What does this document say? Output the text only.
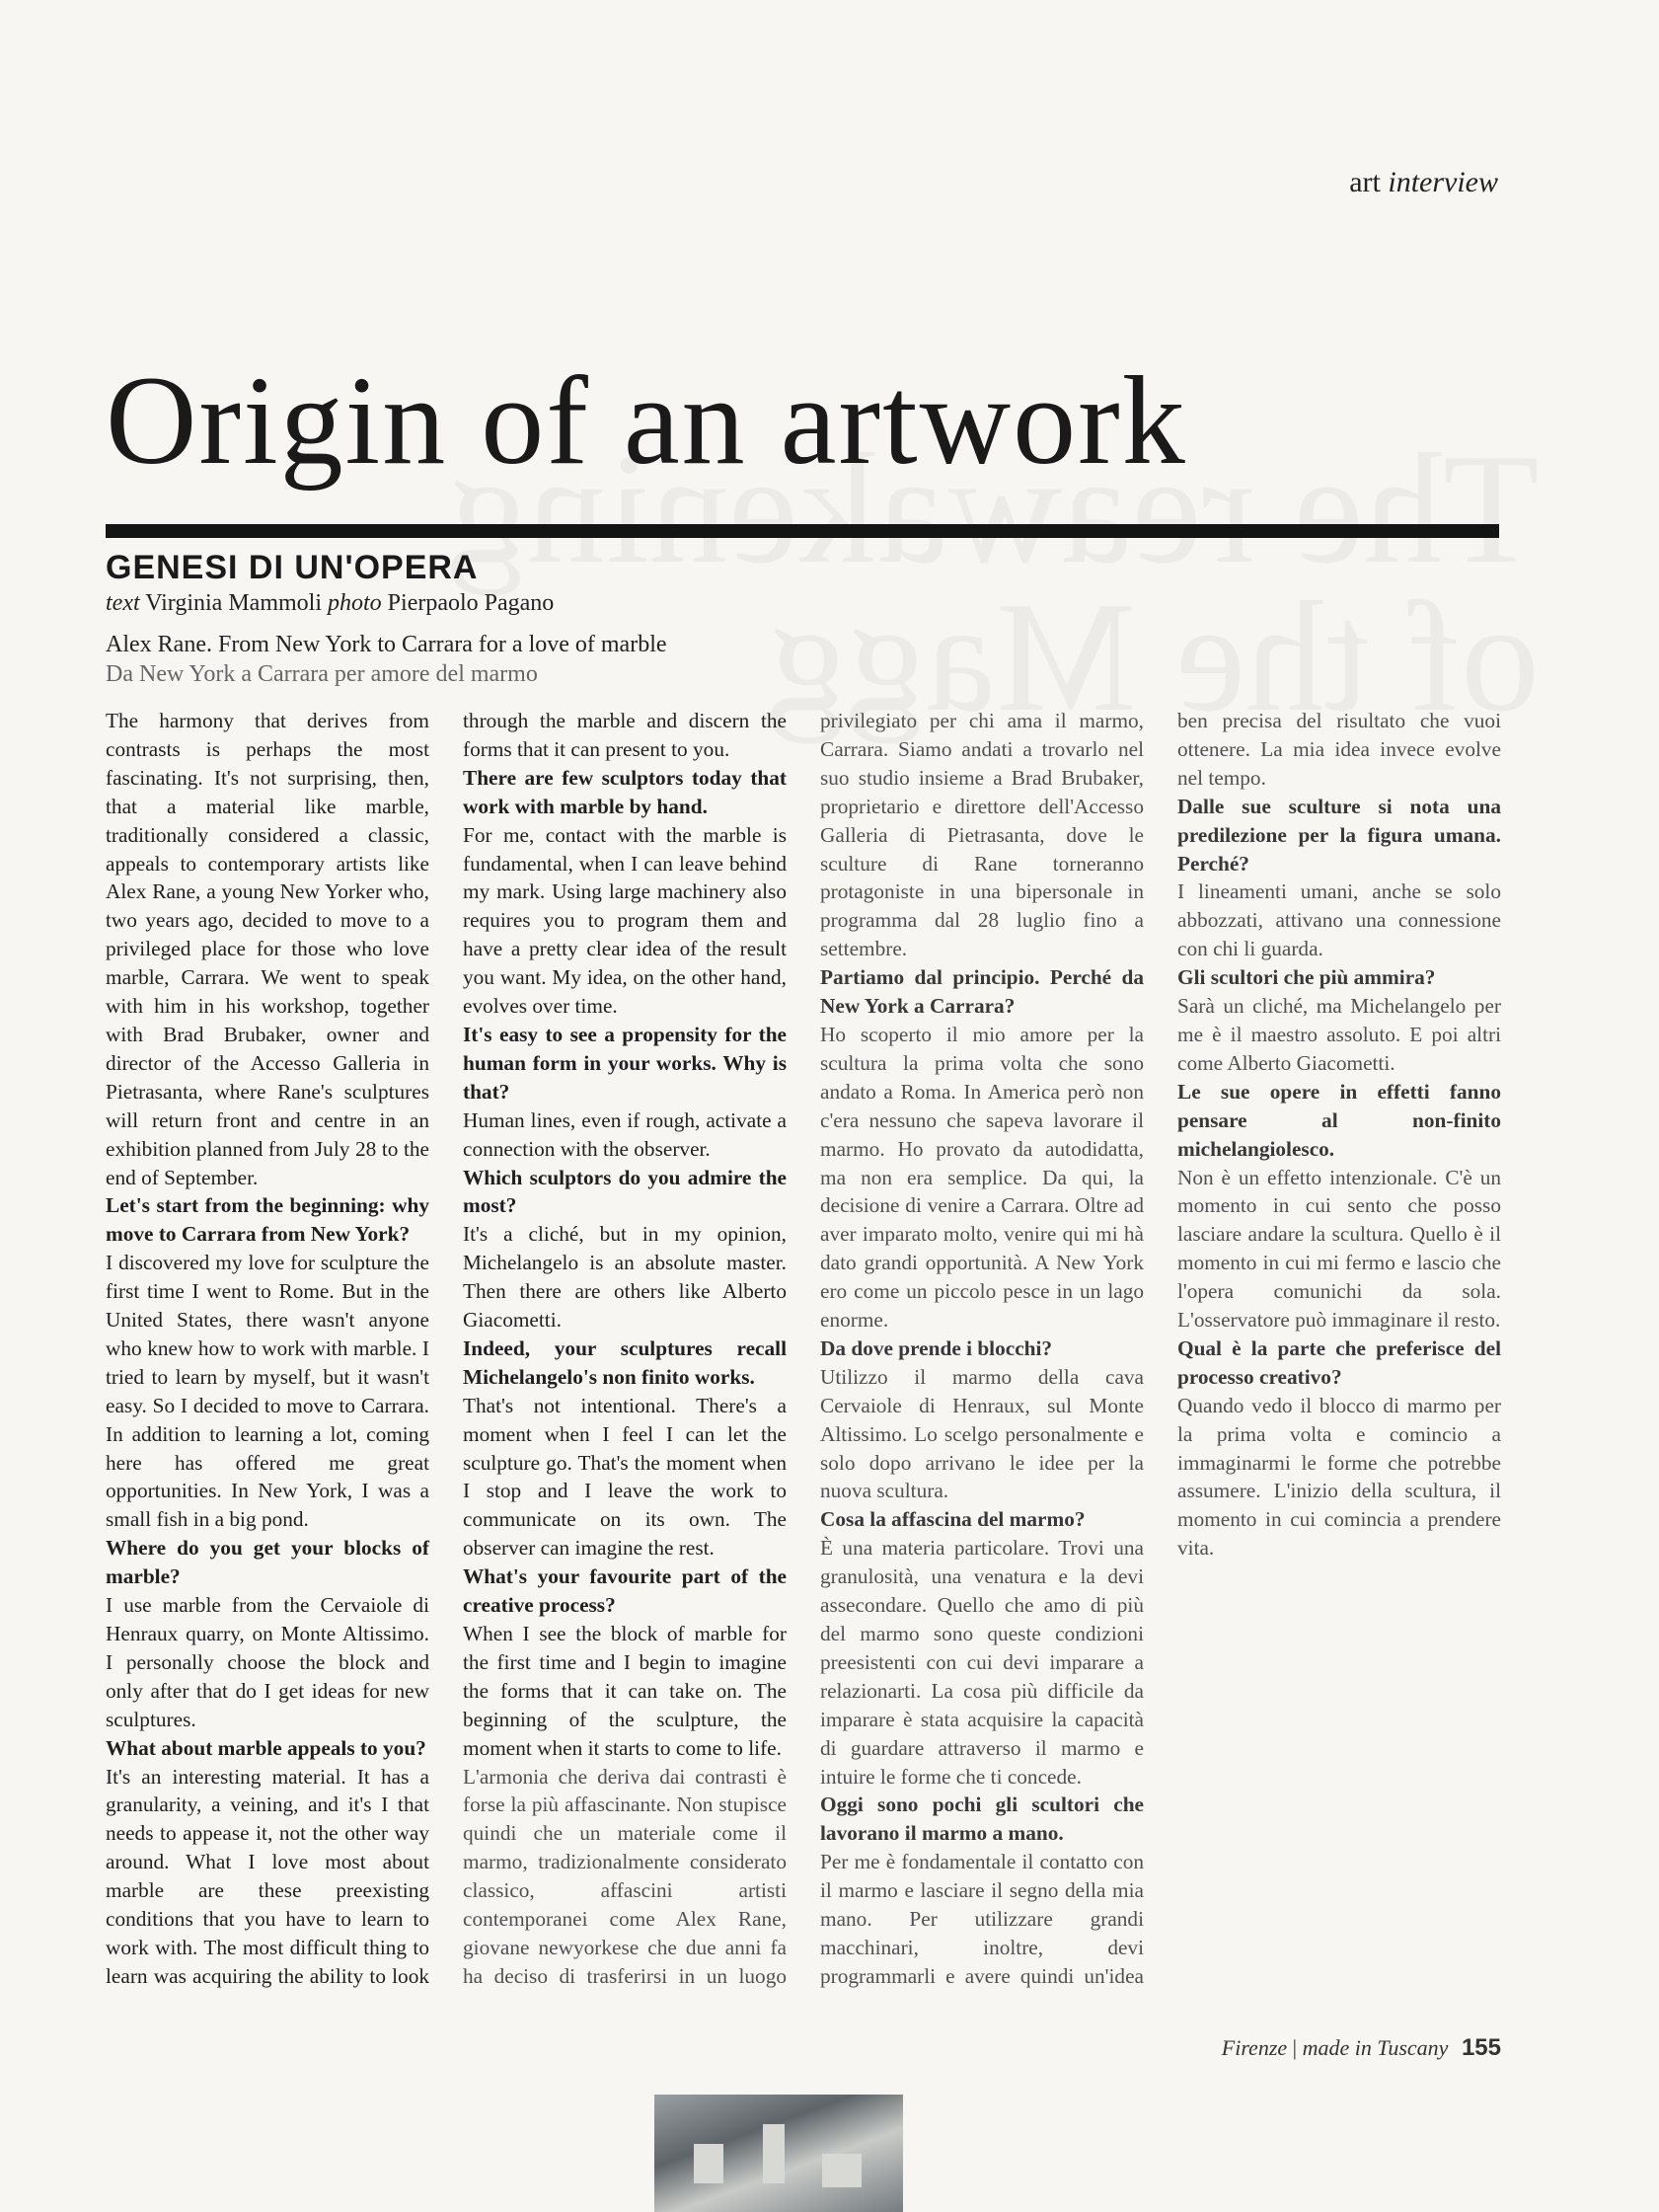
art interview
Origin of an artwork
GENESI DI UN'OPERA
text Virginia Mammoli photo Pierpaolo Pagano
Alex Rane. From New York to Carrara for a love of marble
Da New York a Carrara per amore del marmo

The harmony that derives from contrasts is perhaps the most fascinating. It's not surprising, then, that a material like marble, traditionally considered a classic, appeals to contemporary artists like Alex Rane, a young New Yorker who, two years ago, decided to move to a privileged place for those who love marble, Carrara. We went to speak with him in his workshop, together with Brad Brubaker, owner and director of the Accesso Galleria in Pietrasanta, where Rane's sculptures will return front and centre in an exhibition planned from July 28 to the end of September.

Let's start from the beginning: why move to Carrara from New York?

I discovered my love for sculpture the first time I went to Rome. But in the United States, there wasn't anyone who knew how to work with marble. I tried to learn by myself, but it wasn't easy. So I decided to move to Carrara. In addition to learning a lot, coming here has offered me great opportunities. In New York, I was a small fish in a big pond.

Where do you get your blocks of marble?

I use marble from the Cervaiole di Henraux quarry, on Monte Altissimo. I personally choose the block and only after that do I get ideas for new sculptures.

What about marble appeals to you?

It's an interesting material. It has a granularity, a veining, and it's I that needs to appease it, not the other way around. What I love most about marble are these preexisting conditions that you have to learn to work with. The most difficult thing to learn was acquiring the ability to look through the marble and discern the forms that it can present to you.

There are few sculptors today that work with marble by hand.

For me, contact with the marble is fundamental, when I can leave behind my mark. Using large machinery also requires you to program them and have a pretty clear idea of the result you want. My idea, on the other hand, evolves over time.

It's easy to see a propensity for the human form in your works. Why is that?

Human lines, even if rough, activate a connection with the observer.

Which sculptors do you admire the most?

It's a cliché, but in my opinion, Michelangelo is an absolute master. Then there are others like Alberto Giacometti.

Indeed, your sculptures recall Michelangelo's non finito works.

That's not intentional. There's a moment when I feel I can let the sculpture go. That's the moment when I stop and I leave the work to communicate on its own. The observer can imagine the rest.

What's your favourite part of the creative process?

When I see the block of marble for the first time and I begin to imagine the forms that it can take on. The beginning of the sculpture, the moment when it starts to come to life.

L'armonia che deriva dai contrasti è forse la più affascinante. Non stupisce quindi che un materiale come il marmo, tradizionalmente considerato classico, affascini artisti contemporanei come Alex Rane, giovane newyorkese che due anni fa ha deciso di trasferirsi in un luogo privilegiato per chi ama il marmo, Carrara. Siamo andati a trovarlo nel suo studio insieme a Brad Brubaker, proprietario e direttore dell'Accesso Galleria di Pietrasanta, dove le sculture di Rane torneranno protagoniste in una bipersonale in programma dal 28 luglio fino a settembre.

Partiamo dal principio. Perché da New York a Carrara?

Ho scoperto il mio amore per la scultura la prima volta che sono andato a Roma. In America però non c'era nessuno che sapeva lavorare il marmo. Ho provato da autodidatta, ma non era semplice. Da qui, la decisione di venire a Carrara. Oltre ad aver imparato molto, venire qui mi hà dato grandi opportunità. A New York ero come un piccolo pesce in un lago enorme.

Da dove prende i blocchi?

Utilizzo il marmo della cava Cervaiole di Henraux, sul Monte Altissimo. Lo scelgo personalmente e solo dopo arrivano le idee per la nuova scultura.

Cosa la affascina del marmo?

È una materia particolare. Trovi una granulosità, una venatura e la devi assecondare. Quello che amo di più del marmo sono queste condizioni preesistenti con cui devi imparare a relazionarti. La cosa più difficile da imparare è stata acquisire la capacità di guardare attraverso il marmo e intuire le forme che ti concede.

Oggi sono pochi gli scultori che lavorano il marmo a mano.

Per me è fondamentale il contatto con il marmo e lasciare il segno della mia mano. Per utilizzare grandi macchinari, inoltre, devi programmarli e avere quindi un'idea ben precisa del risultato che vuoi ottenere. La mia idea invece evolve nel tempo.

Dalle sue sculture si nota una predilezione per la figura umana. Perché?

I lineamenti umani, anche se solo abbozzati, attivano una connessione con chi li guarda.

Gli scultori che più ammira?

Sarà un cliché, ma Michelangelo per me è il maestro assoluto. E poi altri come Alberto Giacometti.

Le sue opere in effetti fanno pensare al non-finito michelangiolesco.

Non è un effetto intenzionale. C'è un momento in cui sento che posso lasciare andare la scultura. Quello è il momento in cui mi fermo e lascio che l'opera comunichi da sola. L'osservatore può immaginare il resto.

Qual è la parte che preferisce del processo creativo?

Quando vedo il blocco di marmo per la prima volta e comincio a immaginarmi le forme che potrebbe assumere. L'inizio della scultura, il momento in cui comincia a prendere vita.

Firenze | made in Tuscany 155
